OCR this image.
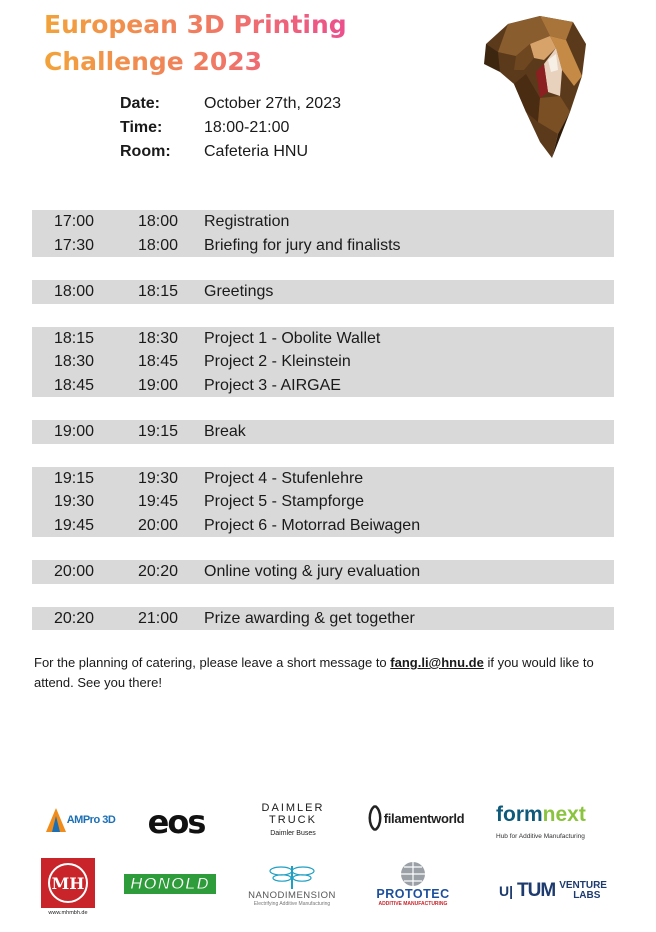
European 3D Printing
Challenge 2023
Date:	October 27th, 2023
Time:	18:00-21:00
Room:	Cafeteria HNU
17:00	18:00	Registration
17:30	18:00	Briefing for jury and finalists
18:00	18:15	Greetings
18:15	18:30	Project 1 - Obolite Wallet
18:30	18:45	Project 2 - Kleinstein
18:45	19:00	Project 3 - AIRGAE
19:00	19:15	Break
19:15	19:30	Project 4 - Stufenlehre
19:30	19:45	Project 5 - Stampforge
19:45	20:00	Project 6 - Motorrad Beiwagen
20:00	20:20	Online voting & jury evaluation
20:20	21:00	Prize awarding & get together

For the planning of catering, please leave a short message to fang.li@hnu.de if you would like to attend. See you there!

AMPro 3D eos	DAIMLER
TRUCK
Daimler Buses
filamentworld formnext
Hub for Additive Manufacturing
MH
www.mhmbh.de
HONOLD
NANODIMENSION
Electrifying Additive Manufacturing
PROTOTEC
ADDITIVE MANUFACTURING
U| TUM VENTURE
LABS
